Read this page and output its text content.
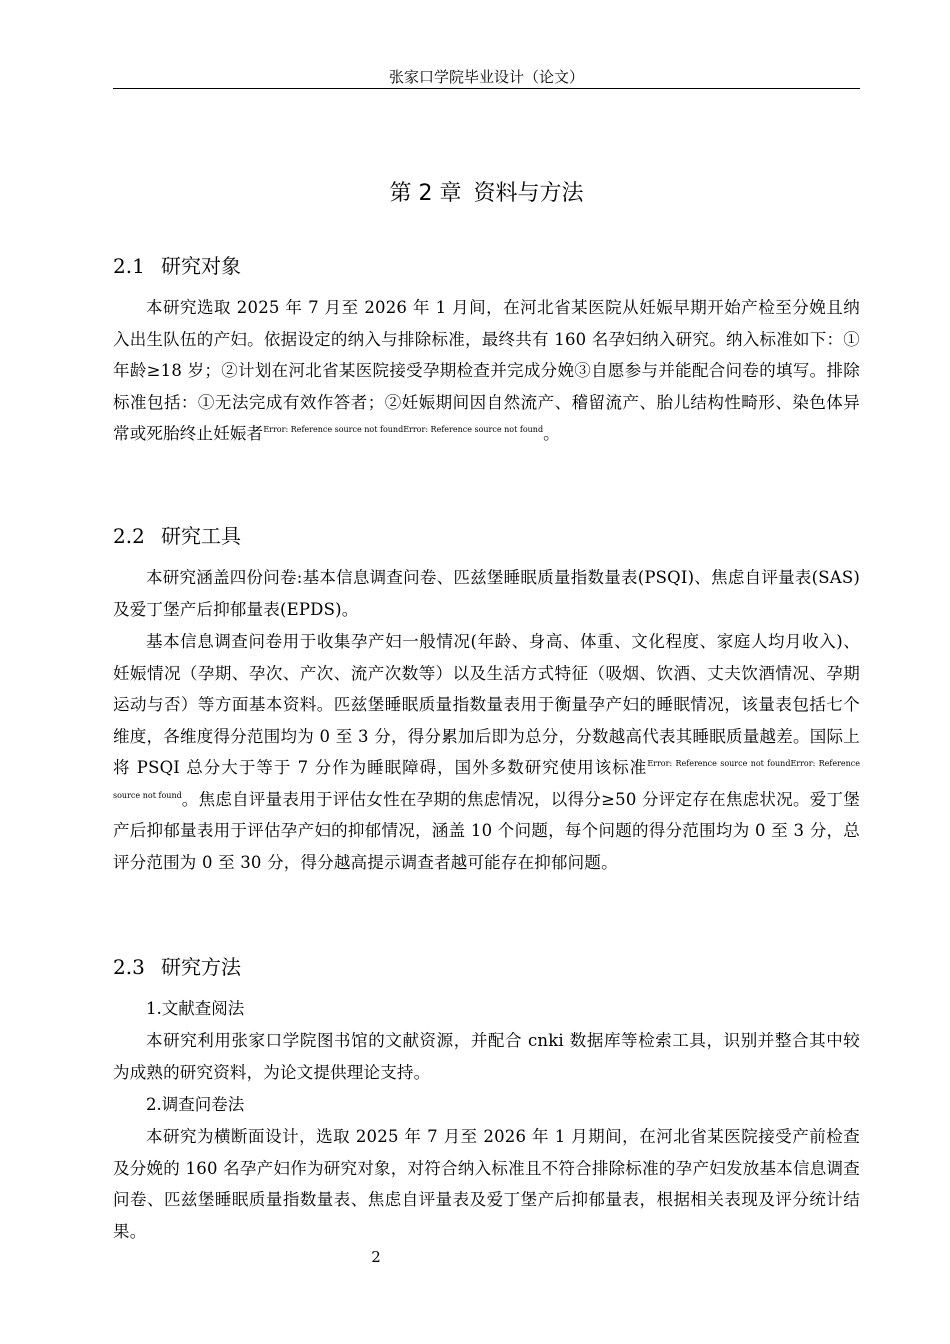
张家口学院毕业设计（论文）
第 2 章 资料与方法
2.1 研究对象
本研究选取 2025 年 7 月至 2026 年 1 月间，在河北省某医院从妊娠早期开始产检至分娩且纳入出生队伍的产妇。依据设定的纳入与排除标准，最终共有 160 名孕妇纳入研究。纳入标准如下：①年龄≥18 岁；②计划在河北省某医院接受孕期检查并完成分娩③自愿参与并能配合问卷的填写。排除标准包括：①无法完成有效作答者；②妊娠期间因自然流产、稽留流产、胎儿结构性畸形、染色体异常或死胎终止妊娠者$^{Error: Reference source not foundError: Reference source not found}$。
2.2 研究工具
本研究涵盖四份问卷:基本信息调查问卷、匹兹堡睡眠质量指数量表(PSQI)、焦虑自评量表(SAS)及爱丁堡产后抑郁量表(EPDS)。
基本信息调查问卷用于收集孕产妇一般情况(年龄、身高、体重、文化程度、家庭人均月收入)、妊娠情况（孕期、孕次、产次、流产次数等）以及生活方式特征（吸烟、饮酒、丈夫饮酒情况、孕期运动与否）等方面基本资料。匹兹堡睡眠质量指数量表用于衡量孕产妇的睡眠情况，该量表包括七个维度，各维度得分范围均为 0 至 3 分，得分累加后即为总分，分数越高代表其睡眠质量越差。国际上将 PSQI 总分大于等于 7 分作为睡眠障碍，国外多数研究使用该标准$^{Error: Reference source not foundError: Reference source not found}$。焦虑自评量表用于评估女性在孕期的焦虑情况，以得分≥50 分评定存在焦虑状况。爱丁堡产后抑郁量表用于评估孕产妇的抑郁情况，涵盖 10 个问题，每个问题的得分范围均为 0 至 3 分，总评分范围为 0 至 30 分，得分越高提示调查者越可能存在抑郁问题。
2.3 研究方法
1.文献查阅法
本研究利用张家口学院图书馆的文献资源，并配合 cnki 数据库等检索工具，识别并整合其中较为成熟的研究资料，为论文提供理论支持。
2.调查问卷法
本研究为横断面设计，选取 2025 年 7 月至 2026 年 1 月期间，在河北省某医院接受产前检查及分娩的 160 名孕产妇作为研究对象，对符合纳入标准且不符合排除标准的孕产妇发放基本信息调查问卷、匹兹堡睡眠质量指数量表、焦虑自评量表及爱丁堡产后抑郁量表，根据相关表现及评分统计结果。
2
